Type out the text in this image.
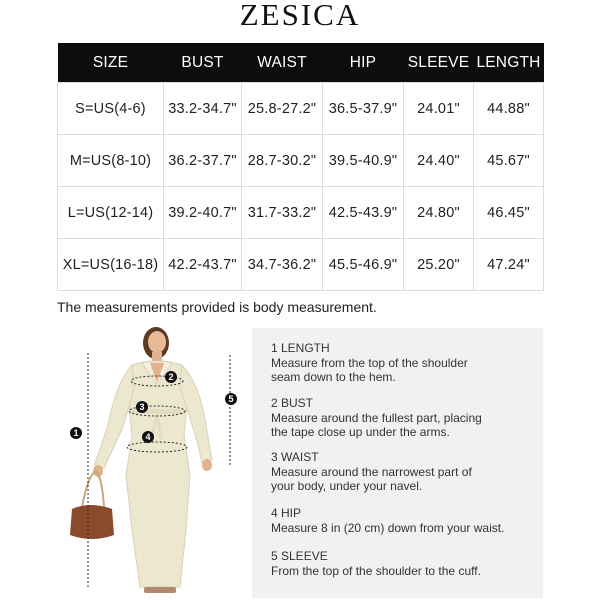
ZESICA
SIZE	BUST	WAIST	HIP	SLEEVE	LENGTH
S=US(4-6)	33.2-34.7"	25.8-27.2"	36.5-37.9"	24.01"	44.88"
M=US(8-10)	36.2-37.7"	28.7-30.2"	39.5-40.9"	24.40"	45.67"
L=US(12-14)	39.2-40.7"	31.7-33.2"	42.5-43.9"	24.80"	46.45"
XL=US(16-18)	42.2-43.7"	34.7-36.2"	45.5-46.9"	25.20"	47.24"
The measurements provided is body measurement.
1
2
3
4
5
1 LENGTH
Measure from the top of the shoulder
seam down to the hem.
2 BUST
Measure around the fullest part, placing
the tape close up under the arms.
3 WAIST
Measure around the narrowest part of
your body, under your navel.
4 HIP
Measure 8 in (20 cm) down from your waist.
5 SLEEVE
From the top of the shoulder to the cuff.
